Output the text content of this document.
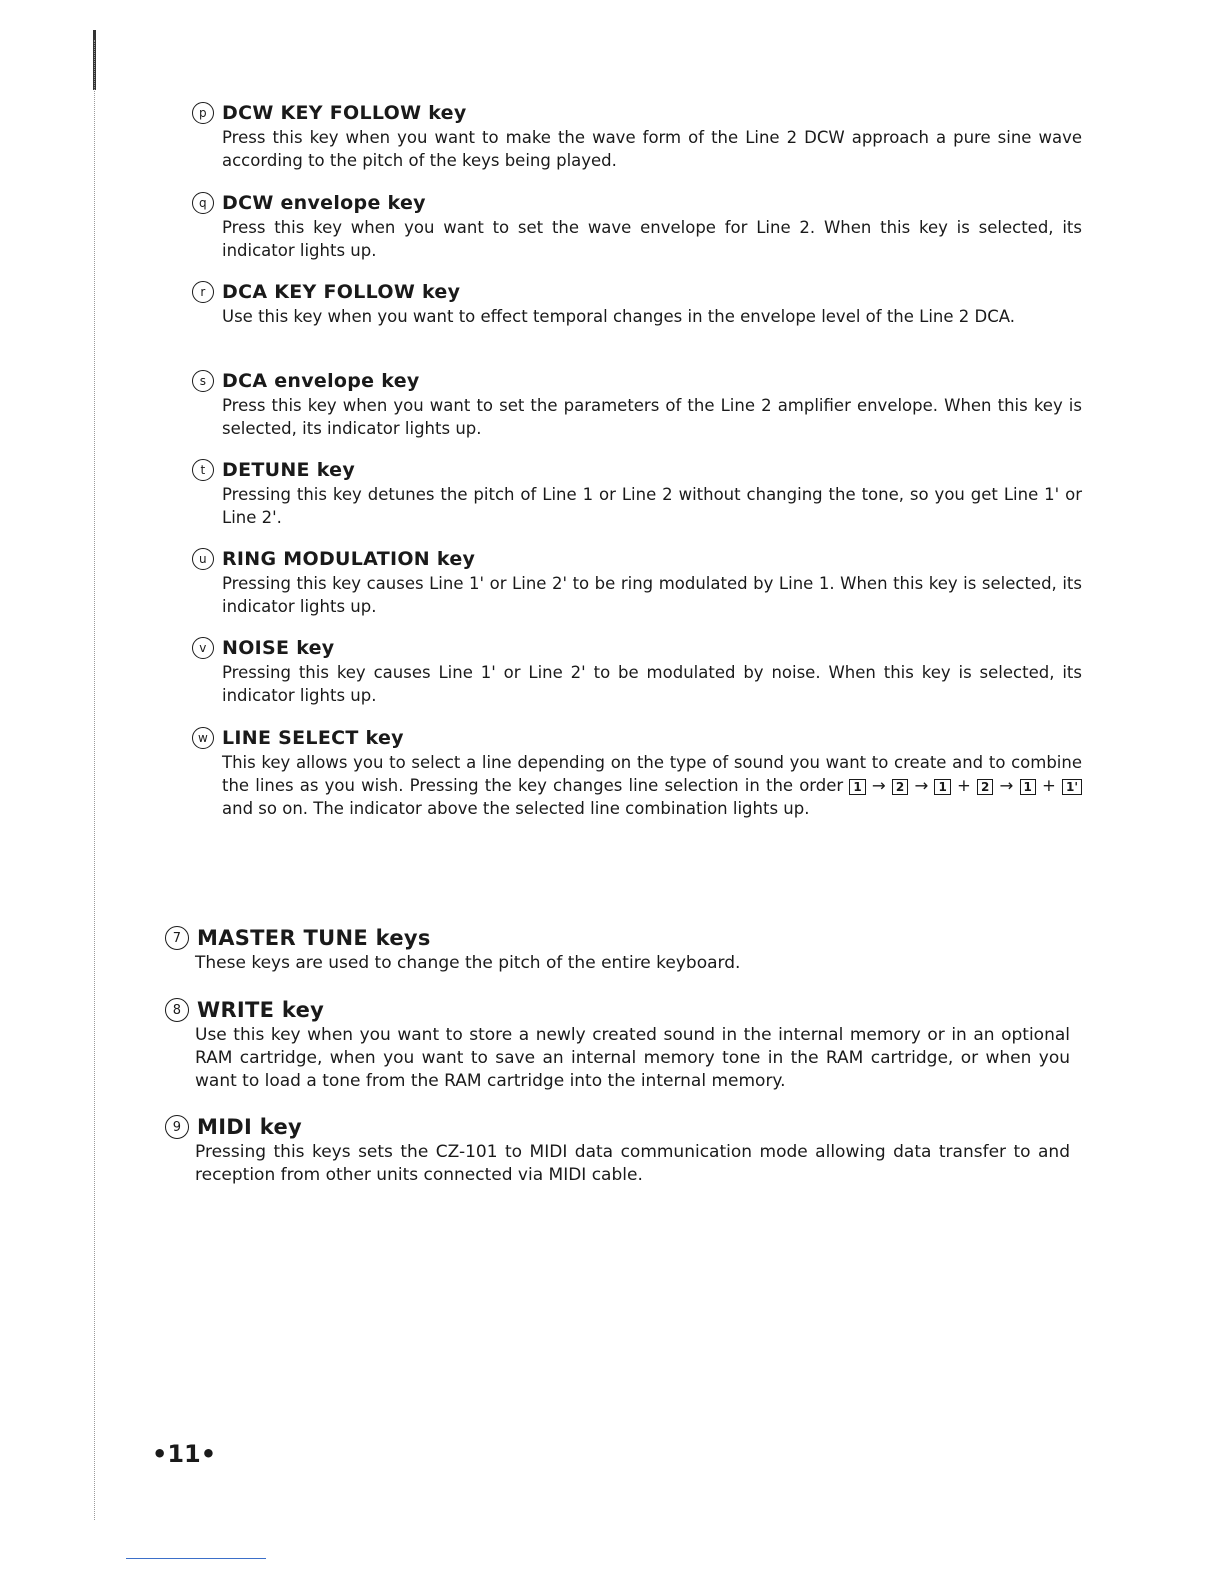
p DCW KEY FOLLOW key

Press this key when you want to make the wave form of the Line 2 DCW approach a pure sine wave according to the pitch of the keys being played.

q DCW envelope key

Press this key when you want to set the wave envelope for Line 2. When this key is selected, its indicator lights up.

r DCA KEY FOLLOW key

Use this key when you want to effect temporal changes in the envelope level of the Line 2 DCA.

s DCA envelope key

Press this key when you want to set the parameters of the Line 2 amplifier envelope. When this key is selected, its indicator lights up.

t DETUNE key

Pressing this key detunes the pitch of Line 1 or Line 2 without changing the tone, so you get Line 1' or Line 2'.

u RING MODULATION key

Pressing this key causes Line 1' or Line 2' to be ring modulated by Line 1. When this key is selected, its indicator lights up.

v NOISE key

Pressing this key causes Line 1' or Line 2' to be modulated by noise. When this key is selected, its indicator lights up.

w LINE SELECT key

This key allows you to select a line depending on the type of sound you want to create and to combine the lines as you wish. Pressing the key changes line selection in the order 1 → 2 → 1 + 2 → 1 + 1' and so on. The indicator above the selected line combination lights up.

7 MASTER TUNE keys

These keys are used to change the pitch of the entire keyboard.

8 WRITE key

Use this key when you want to store a newly created sound in the internal memory or in an optional RAM cartridge, when you want to save an internal memory tone in the RAM cartridge, or when you want to load a tone from the RAM cartridge into the internal memory.

9 MIDI key

Pressing this keys sets the CZ-101 to MIDI data communication mode allowing data transfer to and reception from other units connected via MIDI cable.

•11•
